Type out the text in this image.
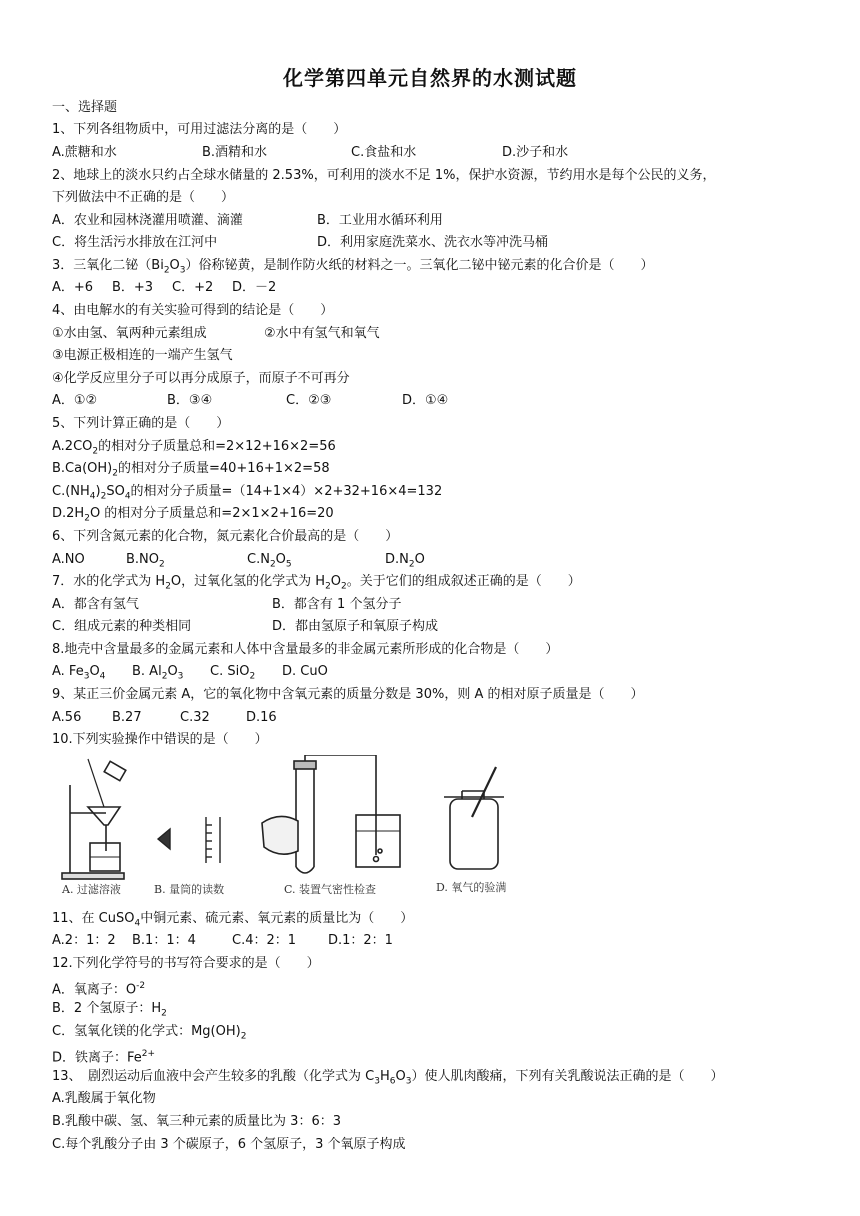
化学第四单元自然界的水测试题
一、选择题
1、下列各组物质中，可用过滤法分离的是（　　）
A.蔗糖和水	B.酒精和水	C.食盐和水	D.沙子和水
2、地球上的淡水只约占全球水储量的 2.53%，可利用的淡水不足 1%，保护水资源，节约用水是每个公民的义务，
下列做法中不正确的是（　　）
A．农业和园林浇灌用喷灌、滴灌	B．工业用水循环利用
C．将生活污水排放在江河中	D．利用家庭洗菜水、洗衣水等冲洗马桶
3．三氧化二铋$(Bi_2O_3)$俗称铋黄，是制作防火纸的材料之一。三氧化二铋中铋元素的化合价是（　　）
A．+6 B．+3 C．+2 D．－2
4、由电解水的有关实验可得到的结论是（　　）
①水由氢、氧两种元素组成	②水中有氢气和氧气
③电源正极相连的一端产生氢气
④化学反应里分子可以再分成原子，而原子不可再分
A．①②	B．③④	C．②③	D．①④
5、下列计算正确的是（　　）
$A.2CO_2$的相对分子质量总和=2×12+16×2=56
$B.Ca(OH)_2$的相对分子质量=40+16+1×2=58
$C.(NH_4)_2SO_4$的相对分子质量=（14+1×4）×2+32+16×4=132
$D.2H_2O$ 的相对分子质量总和=2×1×2+16=20
6、下列含氮元素的化合物，氮元素化合价最高的是（　　）
A.NO	$B.NO_2$	$C.N_2O_5$	$D.N_2O$
7．水的化学式为 $H_2O$，过氧化氢的化学式为 $H_2O_2$。关于它们的组成叙述正确的是（　　）
A．都含有氢气	B．都含有 1 个氢分子
C．组成元素的种类相同	D．都由氢原子和氧原子构成
8.地壳中含量最多的金属元素和人体中含量最多的非金属元素所形成的化合物是（　　）
A. $Fe_3O_4$ B. $Al_2O_3$ C. SiO$_2$ D. CuO
9、某正三价金属元素 A，它的氧化物中含氧元素的质量分数是 30%，则 A 的相对原子质量是（　　）
A.56 B.27	C.32	D.16
10.下列实验操作中错误的是（　　）
A. 过滤溶液	B. 量筒的读数	C. 装置气密性检查	D. 氧气的验满
11、在 CuSO$_4$中铜元素、硫元素、氧元素的质量比为（　　）
A.2：1：2 B.1：1：4	C.4：2：1 D.1：2：1
12.下列化学符号的书写符合要求的是（　　）
A．氧离子：$O^{-2}$
B．2 个氢原子：$H_2$
C．氢氧化镁的化学式：$Mg(OH)_2$
D．铁离子：$Fe^{2+}$
13、　剧烈运动后血液中会产生较多的乳酸（化学式为 $C_3H_6O_3$）使人肌肉酸痛，下列有关乳酸说法正确的是（　　）
A.乳酸属于氧化物
B.乳酸中碳、氢、氧三种元素的质量比为 3：6：3
C.每个乳酸分子由 3 个碳原子，6 个氢原子，3 个氧原子构成
